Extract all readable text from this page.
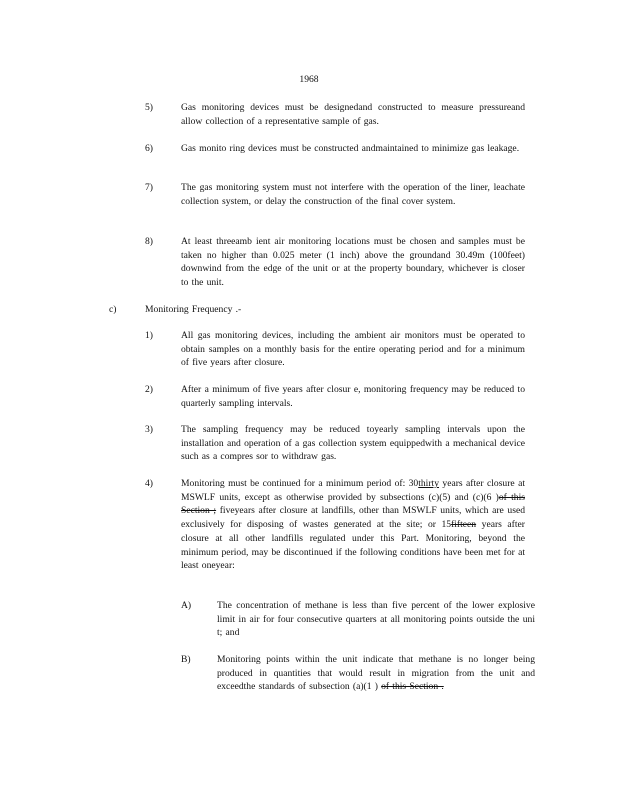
1968
5)	Gas monitoring devices must be designedand constructed to measure pressureand allow collection of a representative sample of gas.
6)	Gas monito ring devices must be constructed andmaintained to minimize gas leakage.
7)	The gas monitoring system must not interfere with the operation of the liner, leachate collection system, or delay the construction of the final cover system.
8)	At least threeamb ient air monitoring locations must be chosen and samples must be taken no higher than 0.025 meter (1 inch) above the groundand 30.49m (100feet) downwind from the edge of the unit or at the property boundary, whichever is closer to the unit.
c)	Monitoring Frequency .-
1)	All gas monitoring devices, including the ambient air monitors must be operated to obtain samples on a monthly basis for the entire operating period and for a minimum of five years after closure.
2)	After a minimum of five years after closur e, monitoring frequency may be reduced to quarterly sampling intervals.
3)	The sampling frequency may be reduced toyearly sampling intervals upon the installation and operation of a gas collection system equippedwith a mechanical device such as a compres sor to withdraw gas.
4)	Monitoring must be continued for a minimum period of: 30thirty years after closure at MSWLF units, except as otherwise provided by subsections (c)(5) and (c)(6 )of this Section ; fiveyears after closure at landfills, other than MSWLF units, which are used exclusively for disposing of wastes generated at the site; or 15fifteen years after closure at all other landfills regulated under this Part. Monitoring, beyond the minimum period, may be discontinued if the following conditions have been met for at least oneyear:
A)	The concentration of methane is less than five percent of the lower explosive limit in air for four consecutive quarters at all monitoring points outside the uni t; and
B)	Monitoring points within the unit indicate that methane is no longer being produced in quantities that would result in migration from the unit and exceedthe standards of subsection (a)(1 ) of this Section .
